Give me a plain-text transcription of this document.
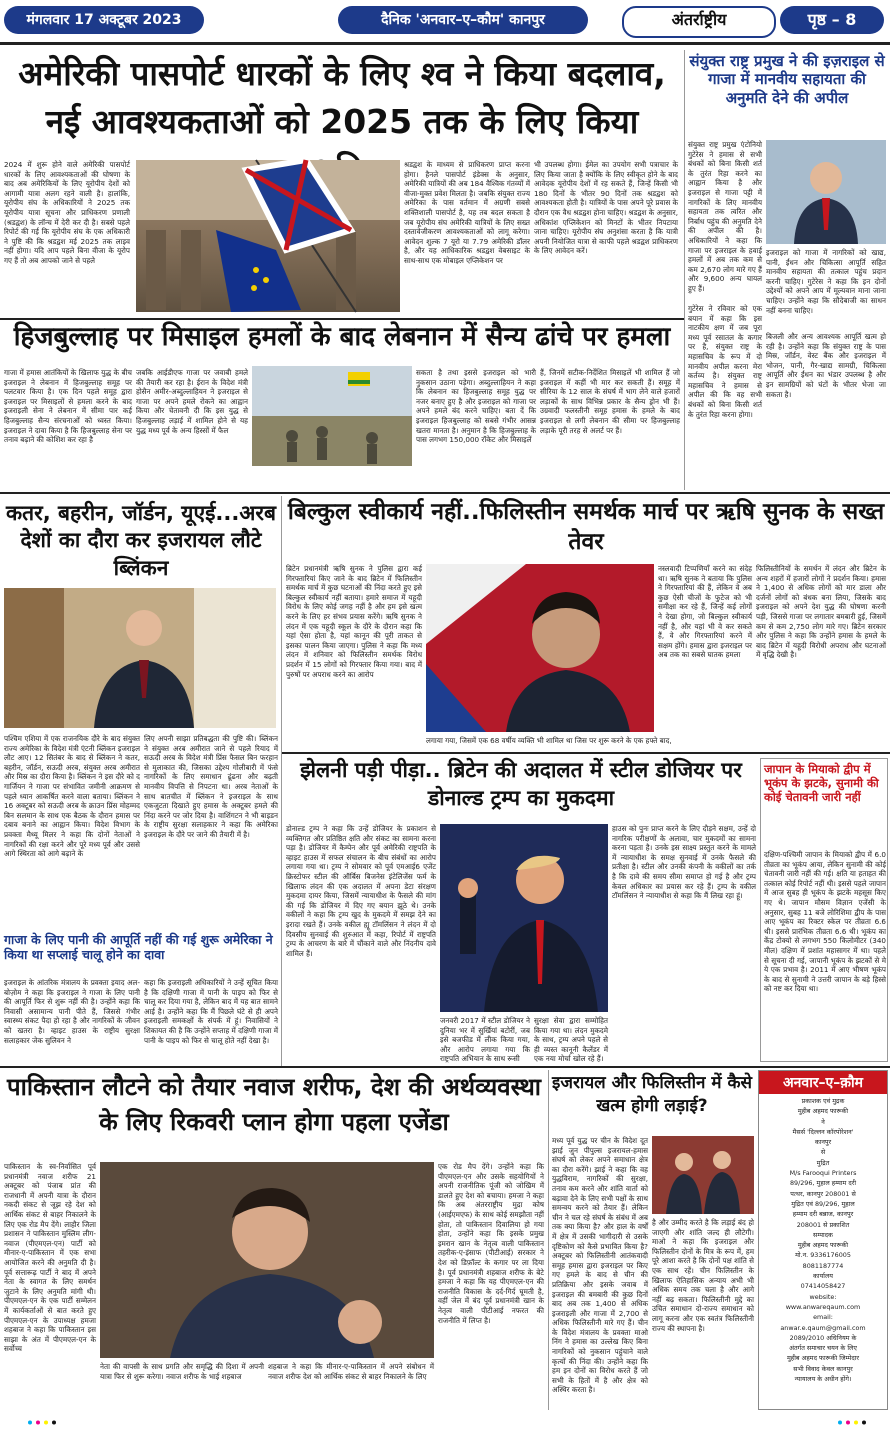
मंगलवार 17 अक्टूबर 2023	दैनिक 'अनवार–ए–कौम' कानपुर	अंतर्राष्ट्रीय	पृष्ठ – 8
अमेरिकी पासपोर्ट धारकों के लिए श्व ने किया बदलाव, नई आवश्यकताओं को 2025 तक के लिए किया
2024 में शुरू होने वाले अमेरिकी पासपोर्ट धारकों के लिए आवश्यकताओं की घोषणा के बाद अब अमेरिकियों के लिए यूरोपीय देशों को आगामी यात्रा अलग रहने वाली है। हालांकि, यूरोपीय संघ के अधिकारियों ने 2025 तक यूरोपीय यात्रा सूचना और प्राधिकरण प्रणाली (श्रडद्वश) के लॉन्च में देरी कर दी है। सबसे पहले रिपोर्ट की गई कि यूरोपीय संघ के एक अधिकारी ने पुष्टि की कि श्रडद्वश मई 2025 तक लाइव नहीं होगा। यदि आप पहले बिना वीजा के यूरोप गए हैं तो अब आपको जाने से पहले
श्रडद्वश के माध्यम से प्राधिकरण प्राप्त करना होगा। हैनले पासपोर्ट इंडेक्स के अनुसार, अमेरिकी यात्रियों की अब 184 वैश्विक गंतव्यों में वीजा-मुक्त प्रवेश मिलता है। जबकि संयुक्त राज्य अमेरिका के पास वर्तमान में अग्रणी सबसे शक्तिशाली पासपोर्ट है, यह तब बदल सकता है जब यूरोपीय संघ अमेरिकी यात्रियों के लिए सख्त दस्तावेजीकरण आवश्यकताओं को लागू करेगा। आवेदन शुल्क 7 यूरो या 7.79 अमेरिकी डॉलर है, और यह आधिकारिक श्रडद्वश वेबसाइट के साथ-साथ एक मोबाइल एप्लिकेशन पर
भी उपलब्ध होगा। ईमेल का उपयोग सभी पत्राचार के लिए किया जाता है क्योंकि के लिए स्वीकृत होने के बाद आवेदक यूरोपीय देशों में रह सकते हैं, जिन्हें किसी भी 180 दिनों के भीतर 90 दिनों तक श्रडद्वश को आवश्यकता होती है। यात्रियों के पास अपने पूरे प्रवास के दौरान एक वैध श्रडद्वश होना चाहिए। श्रडद्वश के अनुसार, अधिकांश एप्लिकेशन को मिनटों के भीतर निपटाया जाना चाहिए। यूरोपीय संघ अनुशंसा करता है कि यात्री अपनी नियोजित यात्रा से काफी पहले श्रडद्वश प्राधिकरण के लिए आवेदन करें।
संयुक्त राष्ट्र प्रमुख ने की इज़राइल से गाजा में मानवीय सहायता की अनुमति देने की अपील
संयुक्त राष्ट्र प्रमुख एंटोनियो गुटेरेस ने हमास से सभी बंधकों को बिना किसी शर्त के तुरंत रिहा करने का आह्वान किया है और इजराइल से गाजा पट्टी में नागरिकों के लिए मानवीय सहायता तक त्वरित और निर्बाध पहुंच की अनुमति देने की अपील की है। अधिकारियों ने कहा कि गाजा पर इजराइल के हवाई हमलों में अब तक कम से कम 2,670 लोग मारे गए हैं और 9,600 अन्य घायल हुए हैं।
इजराइल को गाजा में नागरिकों को खाद्य, पानी, ईंधन और चिकित्सा आपूर्ति सहित मानवीय सहायता की तत्काल पहुंच प्रदान करनी चाहिए। गुटेरेस ने कहा कि इन दोनों उद्देश्यों को अपने आप में मूल्यवान माना जाना चाहिए। उन्होंने कहा कि सौदेबाजी का साधन नहीं बनना चाहिए।
गुटेरेस ने रविवार को एक बयान में कहा कि इस नाटकीय क्षण में जब पूरा मध्य पूर्व रसातल के कगार पर है, संयुक्त राष्ट्र के महासचिव के रूप में दो मानवीय अपील करना मेरा कर्तव्य है। संयुक्त राष्ट्र महासचिव ने हमास से अपील की कि वह सभी बंधकों को बिना किसी शर्त के तुरंत रिहा करना होगा।
बिजली और अन्य आवश्यक आपूर्ति खत्म हो रही है। उन्होंने कहा कि संयुक्त राष्ट्र के पास मिस्र, जॉर्डन, वेस्ट बैंक और इजराइल में भोजन, पानी, गैर-खाद्य सामग्री, चिकित्सा आपूर्ति और ईंधन का भंडार उपलब्ध है और इन सामग्रियों को घंटों के भीतर भेजा जा सकता है।
हिजबुल्लाह पर मिसाइल हमलों के बाद लेबनान में सैन्य ढांचे पर हमला
गाजा में हमास आतंकियों के खिलाफ युद्ध के बीच इजराइल ने लेबनान में हिजबुल्लाह समूह पर पलटवार किया है। एक दिन पहले समूह द्वारा इजराइल पर मिसाइलों से हमला करने के बाद इजराइली सेना ने लेबनान में सीमा पार कई हिजबुल्लाह सैन्य संरचनाओं को ध्वस्त किया। इजराइल ने दावा किया है कि हिजबुल्लाह सेना पर तनाव बढ़ाने की कोशिश कर रहा है
जबकि आईडीएफ गाजा पर जवाबी हमले की तैयारी कर रहा है। ईरान के विदेश मंत्री होसैन अमीर-अब्दुल्लाहियन ने इजराइल से गाजा पर अपने हमले रोकने का आह्वान किया और चेतावनी दी कि इस युद्ध से हिजबुल्लाह लड़ाई में शामिल होने से यह युद्ध मध्य पूर्व के अन्य हिस्सों में फैल
सकता है तथा इससे इजराइल को भारी नुकसान उठाना पड़ेगा। अब्दुल्लाहियन ने कहा कि लेबनान का हिजबुल्लाह समूह युद्ध पर नजर बनाए हुए है और इजराइल को गाजा पर अपने हमले बंद करने चाहिए। बता दें कि इजराइल हिजबुल्लाह को सबसे गंभीर आसन्न खतरा मानता है। अनुमान है कि हिजबुल्लाह के पास लगभग 150,000 रॉकेट और मिसाइलें
हैं, जिनमें सटीक-निर्देशित मिसाइलें भी शामिल हैं जो इजराइल में कहीं भी मार कर सकती हैं। समूह में सीरिया के 12 साल के संघर्ष में भाग लेने वाले हजारों लड़ाकों के साथ विभिन्न प्रकार के सैन्य ड्रोन भी हैं। उग्रवादी फलस्तीनी समूह हमास के हमले के बाद इजराइल से लगी लेबनान की सीमा पर हिजबुल्लाह लड़ाके पूरी तरह से अलर्ट पर हैं।
कतर, बहरीन, जॉर्डन, यूएई...अरब देशों का दौरा कर इजरायल लौटे ब्लिंकन
पश्चिम एशिया में एक राजनयिक दौरे के बाद संयुक्त राज्य अमेरिका के विदेश मंत्री एंटनी ब्लिंकन इजराइल लौट आए। 12 सितंबर के बाद से ब्लिंकन ने कतर, बहरीन, जॉर्डन, सऊदी अरब, संयुक्त अरब अमीरात और मिस्र का दौरा किया है। ब्लिंकन ने इस दौरे को द गार्जियन ने गाजा पर संभावित जमीनी आक्रमण से पहले ध्यान आकर्षित करने वाला बताया। ब्लिंकन ने 16 अक्टूबर को सऊदी अरब के क्राउन प्रिंस मोहम्मद बिन सलमान के साथ एक बैठक के दौरान हमास पर दबाव बनाने का आह्वान किया। विदेश विभाग के प्रवक्ता मैथ्यू मिलर ने कहा कि दोनों नेताओं ने नागरिकों की रक्षा करने और पूरे मध्य पूर्व और उससे आगे स्थिरता को आगे बढ़ाने के
लिए अपनी साझा प्रतिबद्धता की पुष्टि की। ब्लिंकन ने संयुक्त अरब अमीरात जाने से पहले रियाद में सऊदी अरब के विदेश मंत्री प्रिंस फैसल बिन फरहान से मुलाकात की, जिसका उद्देश्य गोलीबारी में फंसे नागरिकों के लिए समाधान ढूंढना और बढ़ती मानवीय विपत्ति से निपटना था। अरब नेताओं के साथ बातचीत में ब्लिंकन ने इजराइल के साथ एकजुटता दिखाते हुए हमास के अक्टूबर हमले की निंदा करने पर जोर दिया है। वाशिंगटन ने भी बाइडन के राष्ट्रीय सुरक्षा सलाहकार ने कहा कि अमेरिका इजराइल के दौरे पर जाने की तैयारी में है।
गाजा के लिए पानी की आपूर्ति नहीं की गई शुरू अमेरिका ने किया था सप्लाई चालू होने का दावा
इजराइल के आंतरिक मंत्रालय के प्रवक्ता इयाद अल-बोज़ोम ने कहा कि इजराइल ने गाजा के लिए पानी की आपूर्ति फिर से शुरू नहीं की है। उन्होंने कहा कि निवासी असामान्य पानी पीते हैं, जिससे गंभीर स्वास्थ्य संकट पैदा हो रहा है और नागरिकों के जीवन को खतरा है। व्हाइट हाउस के राष्ट्रीय सुरक्षा सलाहकार जेक सुलिवन ने
कहा कि इजराइली अधिकारियों ने उन्हें सूचित किया है कि दक्षिणी गाजा में पानी के पाइप को फिर से चालू कर दिया गया है, लेकिन बाद में यह बात सामने आई है। उन्होंने कहा कि मैं पिछले घंटे से ही अपने इजराइली समकक्षों के संपर्क में हूं। निवासियों ने शिकायत की है कि उन्होंने सप्ताह में दक्षिणी गाजा में पानी के पाइप को फिर से चालू होते नहीं देखा है।
बिल्कुल स्वीकार्य नहीं..फिलिस्तीन समर्थक मार्च पर ऋषि सुनक के सख्त तेवर
ब्रिटेन प्रधानमंत्री ऋषि सुनक ने पुलिस द्वारा कई गिरफ्तारियां किए जाने के बाद ब्रिटेन में फिलिस्तीन समर्थक मार्च में कुछ घटनाओं की निंदा करते हुए इसे बिल्कुल स्वीकार्य नहीं बताया। हमारे समाज में यहूदी विरोध के लिए कोई जगह नहीं है और हम इसे खत्म करने के लिए हर संभव प्रयास करेंगे। ऋषि सुनक ने लंदन में एक यहूदी स्कूल के दौरे के दौरान कहा कि यहां ऐसा होता है, यहां कानून की पूरी ताकत से इसका पालन किया जाएगा। पुलिस ने कहा कि मध्य लंदन में शनिवार को फिलिस्तीन समर्थक विरोध प्रदर्शन में 15 लोगों को गिरफ्तार किया गया। बाद में पुरुषों पर अपराध करने का आरोप
लगाया गया, जिसमें एक 68 वर्षीय व्यक्ति भी शामिल था जिस पर शुरू करने के एक हफ्ते बाद,
नस्लवादी टिप्पणियाँ करने का संदेह था। ऋषि सुनक ने बताया कि पुलिस ने गिरफ्तारियां की हैं, लेकिन वे अब कुछ ऐसी चीजों के फुटेज को भी समीक्षा कर रहे हैं, जिन्हें कई लोगों ने देखा होगा, जो बिल्कुल स्वीकार्य नहीं है, और यहां भी वे कर सकते हैं, वे और गिरफ्तारियां करने में सक्षम होंगे। हमास द्वारा इजराइल पर अब तक का सबसे घातक हमला
फिलिस्तीनियों के समर्थन में लंदन और ब्रिटेन के अन्य शहरों में हजारों लोगों ने प्रदर्शन किया। हमास ने 1,400 से अधिक लोगों को मार डाला और दर्जनों लोगों को बंधक बना लिया, जिसके बाद इजराइल को अपने देश युद्ध की घोषणा करनी पड़ी, जिससे गाजा पर लगातार बमबारी हुई, जिसमें कम से कम 2,750 लोग मारे गए। ब्रिटेन सरकार और पुलिस ने कहा कि उन्होंने हमास के हमले के बाद ब्रिटेन में यहूदी विरोधी अपराध और घटनाओं में वृद्धि देखी है।
झेलनी पड़ी पीड़ा.. ब्रिटेन की अदालत में स्टील डोजियर पर डोनाल्ड ट्रम्प का मुकदमा
डोनाल्ड ट्रम्प ने कहा कि उन्हें डोजियर के प्रकाशन से व्यक्तिगत और प्रतिष्ठित क्षति और संकट का सामना करना पड़ा है। डोजियर में कैम्पेन और पूर्व अमेरिकी राष्ट्रपति के व्हाइट हाउस में सफल संचालन के बीच संबंधों का आरोप लगाया गया था। ट्रम्प ने सोमवार को पूर्व एमआई6 एजेंट क्रिस्टोफर स्टील की ऑर्बिस बिजनेस इंटेलिजेंस फर्म के खिलाफ लंदन की एक अदालत में अपना डेटा संरक्षण मुकदमा दायर किया, जिसमें न्यायाधीश के फैसले की मांग की गई कि डोजियर में दिए गए बयान झूठे थे। उनके वकीलों ने कहा कि ट्रम्प खुद के मुकदमे में समझ देने का इरादा रखते हैं। उनके वकील ह्यू टॉमलिंसन ने लंदन में दो दिवसीय सुनवाई की शुरुआत में कहा, रिपोर्ट में राष्ट्रपति ट्रम्प के आचरण के बारे में चौंकाने वाले और निंदनीय दावे शामिल हैं।
जनवरी 2017 में स्टील डोजियर ने दुनिया भर में सुर्खियां बटोरीं, जब इसे बजफीड में लीक किया गया, और आरोप लगाया गया कि राष्ट्रपति अभियान के साथ रूसी
सुरक्षा सेवा द्वारा सम्मोहित किया गया था। लंदन मुकदमे के साथ, ट्रम्प अपने पहले से ही व्यस्त कानूनी कैलेंडर में एक नया मोर्चा खोल रहे हैं।
हाउस को पुनः प्राप्त करने के लिए दौड़ने सक्षम, उन्हें दो नागरिक परीक्षणों के अलावा, चार मुकदमों का सामना करना पड़ता है। उनके इस साक्ष्य प्रस्तुत करने के मामले में न्यायाधीश के समक्ष सुनवाई में उनके फैसले की प्रतीक्षा है। स्टील और उनकी कंपनी के वकीलों का तर्क है कि दावे की समय सीमा समाप्त हो गई है और ट्रम्प केवल अधिकार का प्रयास कर रहे हैं। ट्रम्प के वकील टॉमलिंसन ने न्यायाधीश से कहा कि मैं लिख रहा हूं।
जापान के मियाको द्वीप में भूकंप के झटके, सुनामी की कोई चेतावनी जारी नहीं
दक्षिण-पश्चिमी जापान के मियाको द्वीप में 6.0 तीव्रता का भूकंप आया, लेकिन सुनामी की कोई चेतावनी जारी नहीं की गई। क्षति या हताहत की तत्काल कोई रिपोर्ट नहीं थी। इससे पहले जापान में आज सुबह ही भूकंप के झटके महसूस किए गए थे। जापान मौसम विज्ञान एजेंसी के अनुसार, सुबह 11 बजे लोरिशिमा द्वीप के पास आए भूकंप का रिक्टर स्केल पर तीव्रता 6.6 थी। इससे प्रारंभिक तीव्रता 6.6 थी। भूकंप का केंद्र टोक्यो से लगभग 550 किलोमीटर (340 मील) दक्षिण में प्रशांत महासागर में था। पहले से सूचना दी गई, जापानी भूकंप के झटकों से मे ये एक प्रभाव है। 2011 में आए भीषण भूकंप के बाद से सुनामी ने उत्तरी जापान के बड़े हिस्से को नष्ट कर दिया था।
पाकिस्तान लौटने को तैयार नवाज शरीफ, देश की अर्थव्यवस्था के लिए रिकवरी प्लान होगा पहला एजेंडा
पाकिस्तान के स्व-निर्वासित पूर्व प्रधानमंत्री नवाज शरीफ 21 अक्टूबर को पंजाब प्रांत की राजधानी में अपनी यात्रा के दौरान नकदी संकट से जूझ रहे देश को आर्थिक संकट से बाहर निकालने के लिए एक रोड मैप देंगे। लाहौर जिला प्रशासन ने पाकिस्तान मुस्लिम लीग-नवाज (पीएमएल-एन) पार्टी को मीनार-ए-पाकिस्तान में एक सभा आयोजित करने की अनुमति दी है। पूर्व सत्तारूढ़ पार्टी ने बाद में अपने नेता के स्वागत के लिए समर्थन जुटाने के लिए अनुमति मांगी थी। पीएमएल-एन के एक पार्टी सम्मेलन में कार्यकर्ताओं से बात करते हुए पीएमएल-एन के उपाध्यक्ष हमजा शहबाज ने कहा कि पाकिस्तान इस साझा के अंत में पीएमएल-एन के सर्वोच्च
नेता की वापसी के साथ प्रगति और समृद्धि की दिशा में अपनी यात्रा फिर से शुरू करेगा। नवाज शरीफ के भाई शहबाज
शहबाज ने कहा कि मीनार-ए-पाकिस्तान में अपने संबोधन में नवाज शरीफ देश को आर्थिक संकट से बाहर निकालने के लिए
एक रोड मैप देंगे। उन्होंने कहा कि पीएमएल-एन और उसके सहयोगियों ने अपनी राजनीतिक पूंजी को जोखिम में डालते हुए देश को बचाया। हमजा ने कहा कि अब अंतरराष्ट्रीय मुद्रा कोष (आईएमएफ) के साथ कोई समझौता नहीं होता, तो पाकिस्तान दिवालिया हो गया होता, उन्होंने कहा कि इसके प्रमुख इमरान खान के नेतृत्व वाली पाकिस्तान तहरीक-ए-इंसाफ (पीटीआई) सरकार ने देश को डिफ़ॉल्ट के कगार पर ला दिया है। पूर्व प्रधानमंत्री शहबाज शरीफ के बेटे हमजा ने कहा कि यह पीएमएल-एन की राजनीति विकास के दर्द-गिर्द घूमती है, वहीं जेल में बंद पूर्व प्रधानमंत्री खान के नेतृत्व वाली पीटीआई नफरत की राजनीति में लिप्त है।
इजरायल और फिलिस्तीन में कैसे खत्म होगी लड़ाई?
मध्य पूर्व युद्ध पर चीन के विदेश दूत झाई जुन पीपुल्स इजरायल-हमास संघर्ष को लेकर अपने समाधान क्षेत्र का दौरा करेंगे। झाई ने कहा कि वह युद्धविराम, नागरिकों की सुरक्षा, तनाव कम करने और शांति वार्ता को बढ़ावा देने के लिए सभी पक्षों के साथ समन्वय करने को तैयार हैं। लेकिन चीन ने चल रहे संघर्ष के संबंध में अब तक क्या किया है? और हाल के वर्षों में क्षेत्र में उसकी भागीदारी से उसके दृष्टिकोण को कैसे प्रभावित किया है? अक्टूबर को फिलिस्तीनी आतंकवादी समूह हमास द्वारा इजराइल पर किए गए हमले के बाद से चीन की प्रतिक्रिया और इसके जवाब में इजराइल की बमबारी की कुछ दिनों बाद अब तक 1,400 से अधिक इजराइली और गाजा में 2,700 से अधिक फिलिस्तीनी मारे गए हैं। चीन के विदेश मंत्रालय के प्रवक्ता माओ निंग ने हमास का उल्लेख किए बिना नागरिकों को नुकसान पहुंचाने वाले कृत्यों की निंदा की। उन्होंने कहा कि हम इन दोनों का विरोध करते हैं जो सभी के हितों में है और क्षेत्र को अस्थिर करता है।
है और उम्मीद करते है कि लड़ाई बंद हो जाएगी और शांति जल्द ही लौटेगी। माओ ने कहा कि इजराइल और फिलिस्तीन दोनों के मित्र के रूप में, हम पूरे आशा करते है कि दोनों पक्ष शांति से एक साथ रहें। चीन फिलिस्तीन के खिलाफ ऐतिहासिक अन्याय अभी भी अधिक समय तक चला है और आगे नहीं बढ़ सकता। फिलिस्तीनी मुद्दे का उचित समाधान दो-राज्य समाधान को लागू करना और एक स्वतंत्र फिलिस्तीनी राज्य की स्थापना है।
अनवार–ए–क़ौम
प्रकाशक एवं मुद्रक
मुहीब अहमद फारूकी
ने
मैसर्स 'दिल्लन कॉरपोरेशन'
कानपुर
से
मुद्रित
M/s Farooqui Printers
89/296, मुहाल हम्माम दरी
पत्थर, कानपुर 208001 से
मुद्रित एवं 89/296, मुहाल
हम्माम दरी बन्नाज, कानपुर
208001 से प्रकाशित
सम्पादक
मुहीब अहमद फारूकी
मो.न. 9336176005
8081187774
कार्यालय
07414058427
website:
www.anwareqaum.com
email:
anwar.e.qaum@gmail.com
2089/2010 अधिनियम के
अंतर्गत समाचार चयन के लिए
मुहीब अहमद फारूकी जिम्मेदार
सभी विवाद केवल कानपुर
न्यायालय के अधीन होंगे।
